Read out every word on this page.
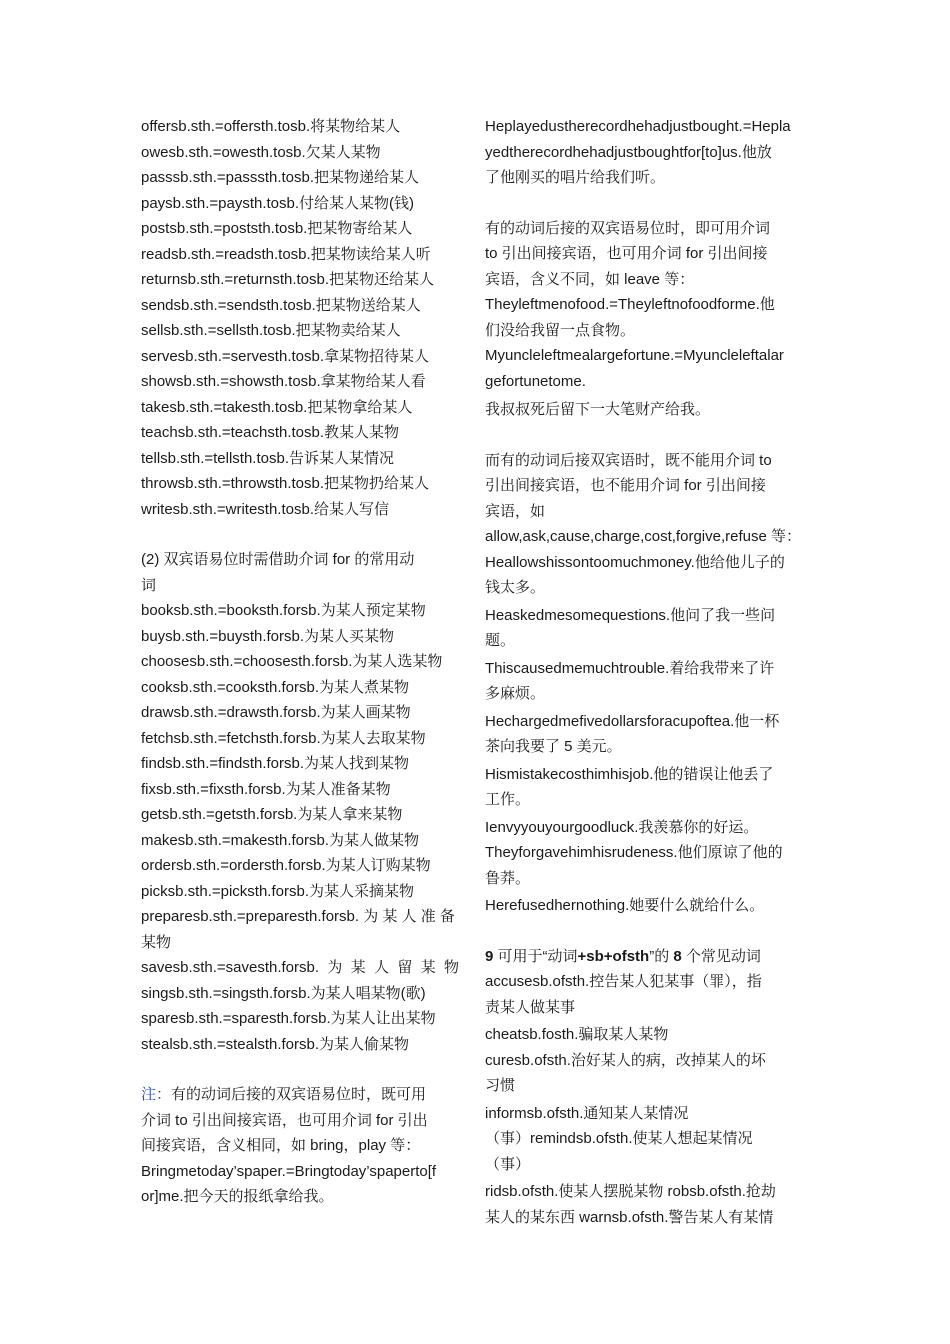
offersb.sth.=offersth.tosb.将某物给某人
owesb.sth.=owesth.tosb.欠某人某物
passsb.sth.=passsth.tosb.把某物递给某人
paysb.sth.=paysth.tosb.付给某人某物(钱)
postsb.sth.=poststh.tosb.把某物寄给某人
readsb.sth.=readsth.tosb.把某物读给某人听
returnsb.sth.=returnsth.tosb.把某物还给某人
sendsb.sth.=sendsth.tosb.把某物送给某人
sellsb.sth.=sellsth.tosb.把某物卖给某人
servesb.sth.=servesth.tosb.拿某物招待某人
showsb.sth.=showsth.tosb.拿某物给某人看
takesb.sth.=takesth.tosb.把某物拿给某人
teachsb.sth.=teachsth.tosb.教某人某物
tellsb.sth.=tellsth.tosb.告诉某人某情况
throwsb.sth.=throwsth.tosb.把某物扔给某人
writesb.sth.=writesth.tosb.给某人写信
(2) 双宾语易位时需借助介词 for 的常用动
词
booksb.sth.=booksth.forsb.为某人预定某物
buysb.sth.=buysth.forsb.为某人买某物
choosesb.sth.=choosesth.forsb.为某人选某物
cooksb.sth.=cooksth.forsb.为某人煮某物
drawsb.sth.=drawsth.forsb.为某人画某物
fetchsb.sth.=fetchsth.forsb.为某人去取某物
findsb.sth.=findsth.forsb.为某人找到某物
fixsb.sth.=fixsth.forsb.为某人准备某物
getsb.sth.=getsth.forsb.为某人拿来某物
makesb.sth.=makesth.forsb.为某人做某物
ordersb.sth.=ordersth.forsb.为某人订购某物
picksb.sth.=picksth.forsb.为某人采摘某物
preparesb.sth.=preparesth.forsb. 为 某 人 准 备
某物
savesb.sth.=savesth.forsb.  为  某  人  留  某  物
singsb.sth.=singsth.forsb.为某人唱某物(歌)
sparesb.sth.=sparesth.forsb.为某人让出某物
stealsb.sth.=stealsth.forsb.为某人偷某物
注：有的动词后接的双宾语易位时，既可用
介词 to 引出间接宾语，也可用介词 for 引出
间接宾语，含义相同，如 bring，play 等：
Bringmetoday’spaper.=Bringtoday’spaperto[f
or]me.把今天的报纸拿给我。
Heplayedustherecordhehadjustbought.=Hepla
yedtherecordhehadjustboughtfor[to]us.他放
了他刚买的唱片给我们听。
有的动词后接的双宾语易位时，即可用介词
to 引出间接宾语，也可用介词 for 引出间接
宾语，含义不同，如 leave 等：
Theyleftmenofood.=Theyleftnofoodforme.他
们没给我留一点食物。
Myuncleleftmealargefortune.=Myuncleleftalar
gefortunetome.
我叔叔死后留下一大笔财产给我。
而有的动词后接双宾语时，既不能用介词 to
引出间接宾语，也不能用介词 for 引出间接
宾语，如
allow,ask,cause,charge,cost,forgive,refuse 等：
Heallowshissontoomuchmoney.他给他儿子的
钱太多。
Heaskedmesomequestions.他问了我一些问
题。
Thiscausedmemuchtrouble.着给我带来了许
多麻烦。
Hechargedmefivedollarsforacupoftea.他一杯
茶向我要了 5 美元。
Hismistakecosthimhisjob.他的错误让他丢了
工作。
Ienvyyouyourgoodluck.我羡慕你的好运。
Theyforgavehimhisrudeness.他们原谅了他的
鲁莽。
Herefusedhernothing.她要什么就给什么。
9 可用于“动词+sb+ofsth”的 8 个常见动词
accusesb.ofsth.控告某人犯某事（罪），指
责某人做某事
cheatsb.fosth.骗取某人某物
curesb.ofsth.治好某人的病，改掉某人的坏
习惯
informsb.ofsth.通知某人某情况
（事）remindsb.ofsth.使某人想起某情况
（事）
ridsb.ofsth.使某人摆脱某物 robsb.ofsth.抢劫
某人的某东西 warnsb.ofsth.警告某人有某情
